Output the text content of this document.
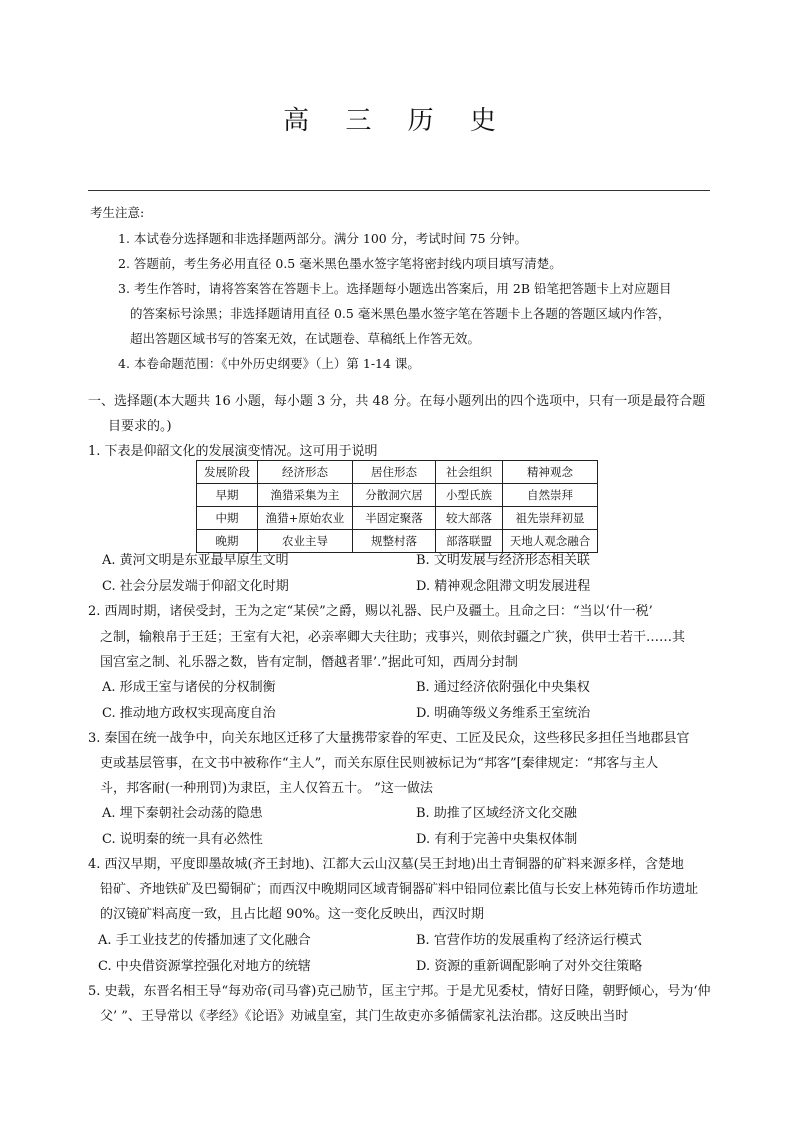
高 三 历 史
考生注意:
1. 本试卷分选择题和非选择题两部分。满分 100 分，考试时间 75 分钟。
2. 答题前，考生务必用直径 0.5 毫米黑色墨水签字笔将密封线内项目填写清楚。
3. 考生作答时，请将答案答在答题卡上。选择题每小题选出答案后，用 2B 铅笔把答题卡上对应题目
的答案标号涂黑；非选择题请用直径 0.5 毫米黑色墨水签字笔在答题卡上各题的答题区域内作答，
超出答题区域书写的答案无效，在试题卷、草稿纸上作答无效。
4. 本卷命题范围：《中外历史纲要》（上）第 1-14 课。
一、选择题(本大题共 16 小题，每小题 3 分，共 48 分。在每小题列出的四个选项中，只有一项是最符合题
目要求的。)
1. 下表是仰韶文化的发展演变情况。这可用于说明
发展阶段	经济形态	居住形态	社会组织	精神观念
早期	渔猎采集为主	分散洞穴居	小型氏族	自然崇拜
中期	渔猎+原始农业	半固定聚落	较大部落	祖先崇拜初显
晚期	农业主导	规整村落	部落联盟	天地人观念融合
A. 黄河文明是东亚最早原生文明	B. 文明发展与经济形态相关联
C. 社会分层发端于仰韶文化时期	D. 精神观念阻滞文明发展进程
2. 西周时期，诸侯受封，王为之定“某侯”之爵，赐以礼器、民户及疆土。且命之曰：“当以‘什一税’
之制，输粮帛于王廷；王室有大祀，必亲率卿大夫往助；戎事兴，则依封疆之广狭，供甲士若干……其
国宫室之制、礼乐器之数，皆有定制，僭越者罪’.”据此可知，西周分封制
A. 形成王室与诸侯的分权制衡	B. 通过经济依附强化中央集权
C. 推动地方政权实现高度自治	D. 明确等级义务维系王室统治
3. 秦国在统一战争中，向关东地区迁移了大量携带家眷的军吏、工匠及民众，这些移民多担任当地郡县官
吏或基层管事，在文书中被称作“主人”，而关东原住民则被标记为“邦客”[秦律规定：“邦客与主人
斗，邦客耐(一种刑罚)为隶臣，主人仅笞五十。 ”这一做法
A. 埋下秦朝社会动荡的隐患	B. 助推了区域经济文化交融
C. 说明秦的统一具有必然性	D. 有利于完善中央集权体制
4. 西汉早期，平度即墨故城(齐王封地)、江都大云山汉墓(吴王封地)出土青铜器的矿料来源多样，含楚地
铅矿、齐地铁矿及巴蜀铜矿；而西汉中晚期同区域青铜器矿料中铅同位素比值与长安上林苑铸币作坊遗址
的汉镜矿料高度一致，且占比超 90%。这一变化反映出，西汉时期
A. 手工业技艺的传播加速了文化融合	B. 官营作坊的发展重构了经济运行模式
C. 中央借资源掌控强化对地方的统辖	D. 资源的重新调配影响了对外交往策略
5. 史载，东晋名相王导“每劝帝(司马睿)克己励节，匡主宁邦。于是尤见委杖，情好日隆，朝野倾心，号为‘仲
父’ ”、王导常以《孝经》《论语》劝诫皇室，其门生故吏亦多循儒家礼法治郡。这反映出当时
